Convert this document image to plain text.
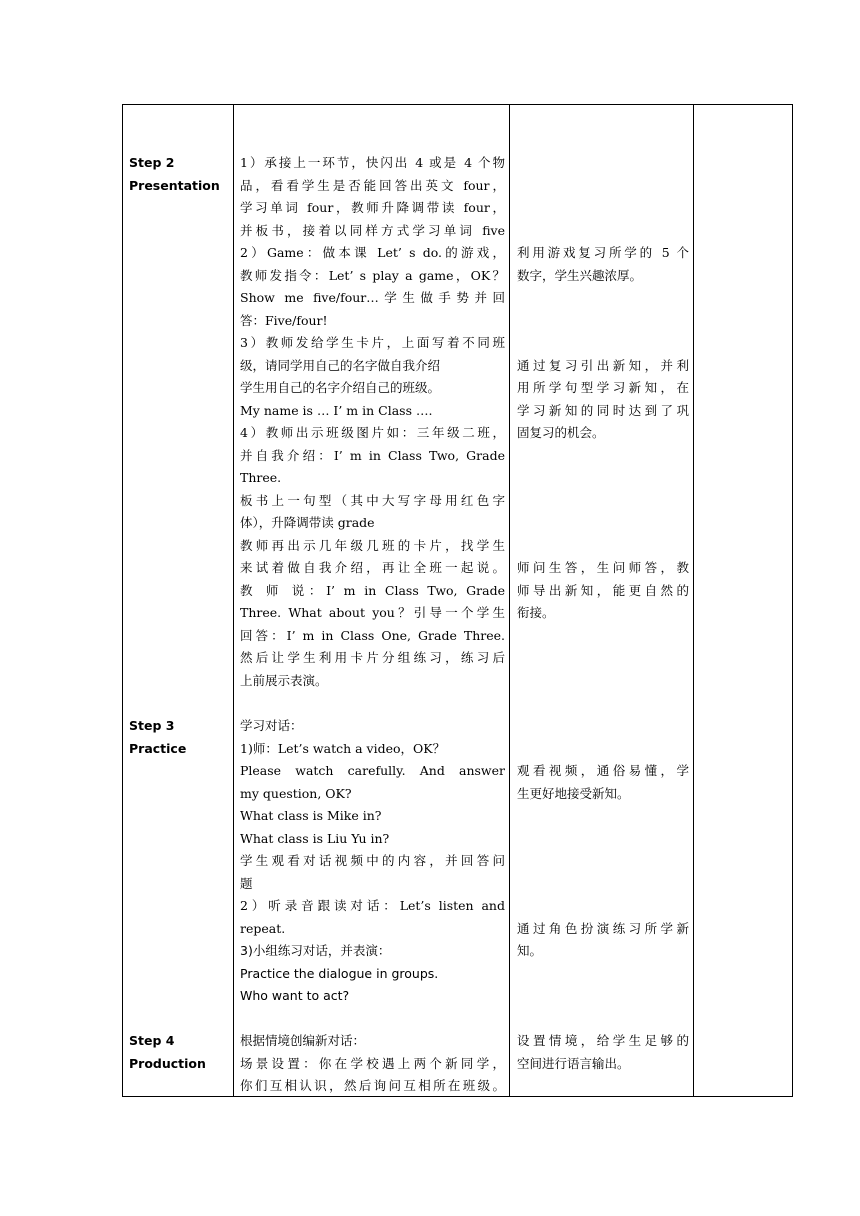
Step 2
Presentation
Step 3
Practice
Step 4
Production
1）承接上一环节，快闪出 4 或是 4 个物
品，看看学生是否能回答出英文 four，
学习单词 four，教师升降调带读 four，
并板书，接着以同样方式学习单词 five
2）Game：做本课 Let’ s do.的游戏，
教师发指令：Let’ s play a game，OK？
Show me five/four…学生做手势并回
答：Five/four!
3）教师发给学生卡片，上面写着不同班
级，请同学用自己的名字做自我介绍
学生用自己的名字介绍自己的班级。
My name is … I’ m in Class ….
4）教师出示班级图片如：三年级二班，
并自我介绍：I’ m in Class Two, Grade
Three.
板书上一句型（其中大写字母用红色字
体），升降调带读 grade
教师再出示几年级几班的卡片，找学生
来试着做自我介绍，再让全班一起说。
教 师 说：I’ m in Class Two, Grade
Three. What about you？引导一个学生
回答：I’ m in Class One, Grade Three.
然后让学生利用卡片分组练习，练习后
上前展示表演。
学习对话：
1)师：Let’s watch a video，OK？
Please watch carefully. And answer
my question, OK?
What class is Mike in?
What class is Liu Yu in?
学生观看对话视频中的内容，并回答问
题
2）听录音跟读对话：Let’s listen and
repeat.
3)小组练习对话，并表演：
Practice the dialogue in groups.
Who want to act?
根据情境创编新对话：
场景设置：你在学校遇上两个新同学，
你们互相认识，然后询问互相所在班级。
利用游戏复习所学的 5 个
数字，学生兴趣浓厚。
通过复习引出新知，并利
用所学句型学习新知，在
学习新知的同时达到了巩
固复习的机会。
师问生答，生问师答，教
师导出新知，能更自然的
衔接。
观看视频，通俗易懂，学
生更好地接受新知。
通过角色扮演练习所学新
知。
设置情境，给学生足够的
空间进行语言输出。
